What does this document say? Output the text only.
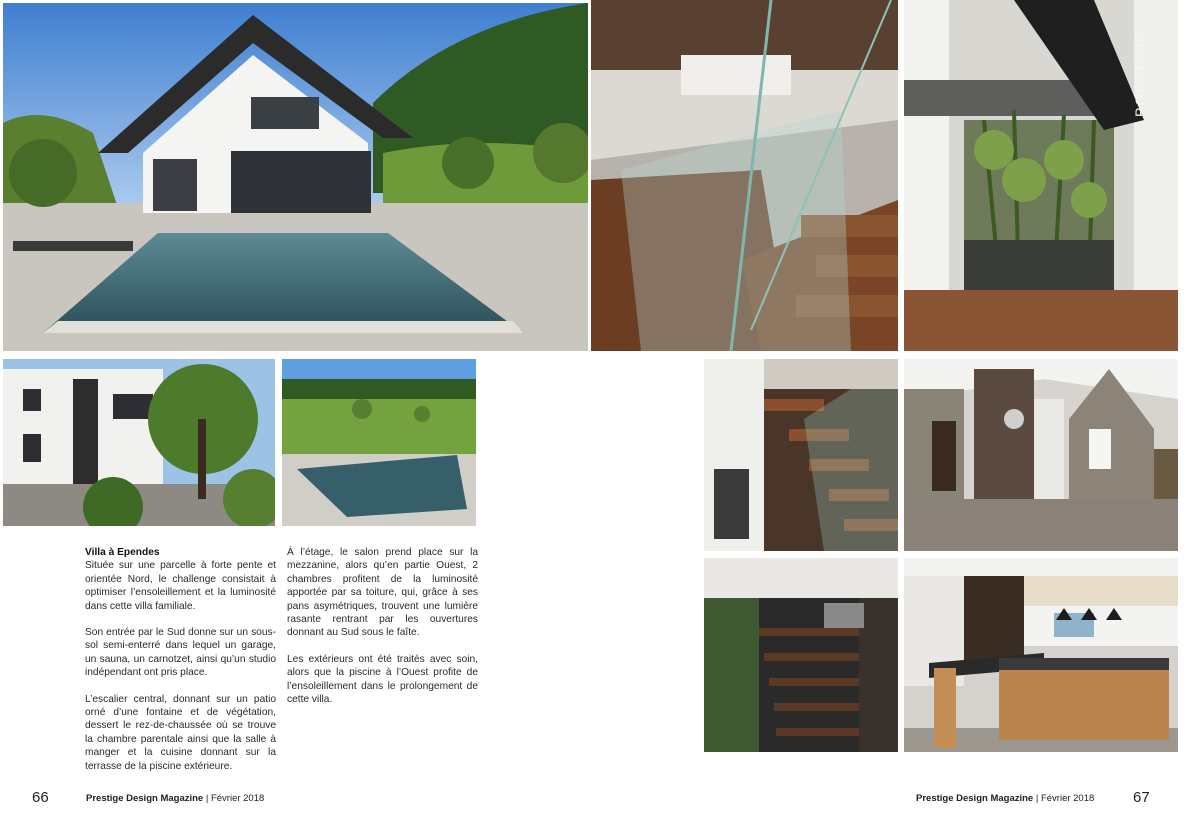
PORTRAIT

Villa à Ependes

Située sur une parcelle à forte pente et orientée Nord, le challenge consistait à optimiser l’ensoleillement et la luminosité dans cette villa familiale.

Son entrée par le Sud donne sur un sous-sol semi-enterré dans lequel un garage, un sauna, un carnotzet, ainsi qu’un studio indépendant ont pris place.

L’escalier central, donnant sur un patio orné d’une fontaine et de végétation, dessert le rez-de-chaussée où se trouve la chambre parentale ainsi que la salle à manger et la cuisine donnant sur la terrasse de la piscine extérieure.

À l’étage, le salon prend place sur la mezzanine, alors qu’en partie Ouest, 2 chambres profitent de la luminosité apportée par sa toiture, qui, grâce à ses pans asymétriques, trouvent une lumière rasante rentrant par les ouvertures donnant au Sud sous le faîte.

Les extérieurs ont été traités avec soin, alors que la piscine à l’Ouest profite de l’ensoleillement dans le prolongement de cette villa.

66	Prestige Design Magazine | Février 2018	Prestige Design Magazine | Février 2018	67
